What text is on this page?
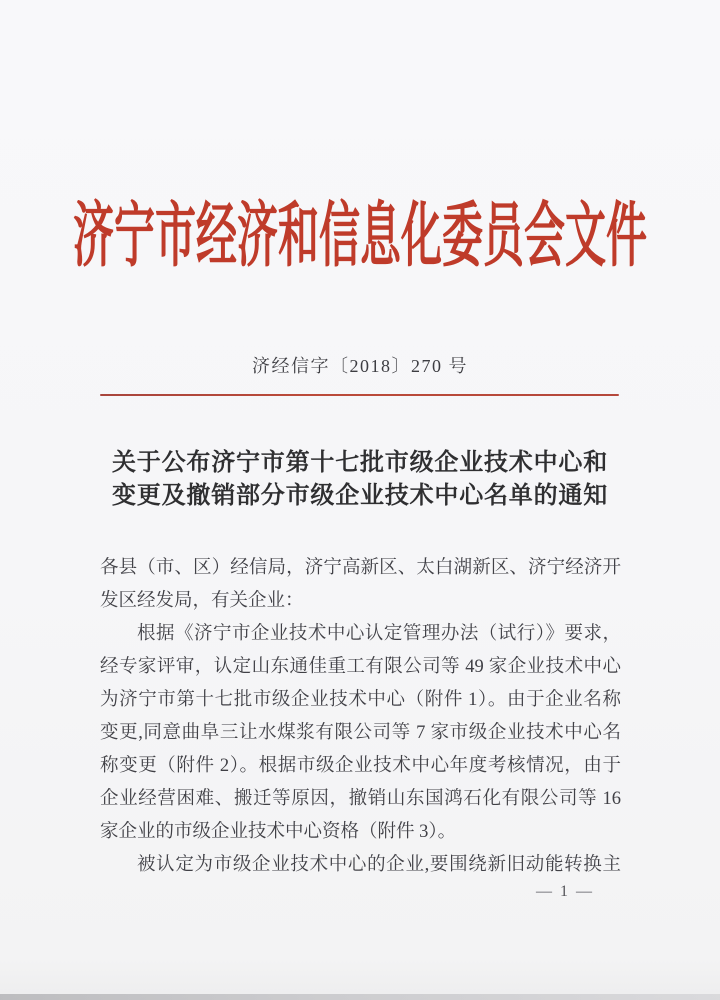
济宁市经济和信息化委员会文件
济经信字〔2018〕270 号
关于公布济宁市第十七批市级企业技术中心和
变更及撤销部分市级企业技术中心名单的通知
各县（市、区）经信局，济宁高新区、太白湖新区、济宁经济开
发区经发局，有关企业：
根据《济宁市企业技术中心认定管理办法（试行）》要求，
经专家评审，认定山东通佳重工有限公司等 49 家企业技术中心
为济宁市第十七批市级企业技术中心（附件 1）。由于企业名称
变更,同意曲阜三让水煤浆有限公司等 7 家市级企业技术中心名
称变更（附件 2）。根据市级企业技术中心年度考核情况，由于
企业经营困难、搬迁等原因，撤销山东国鸿石化有限公司等 16
家企业的市级企业技术中心资格（附件 3）。
被认定为市级企业技术中心的企业,要围绕新旧动能转换主
— 1 —
